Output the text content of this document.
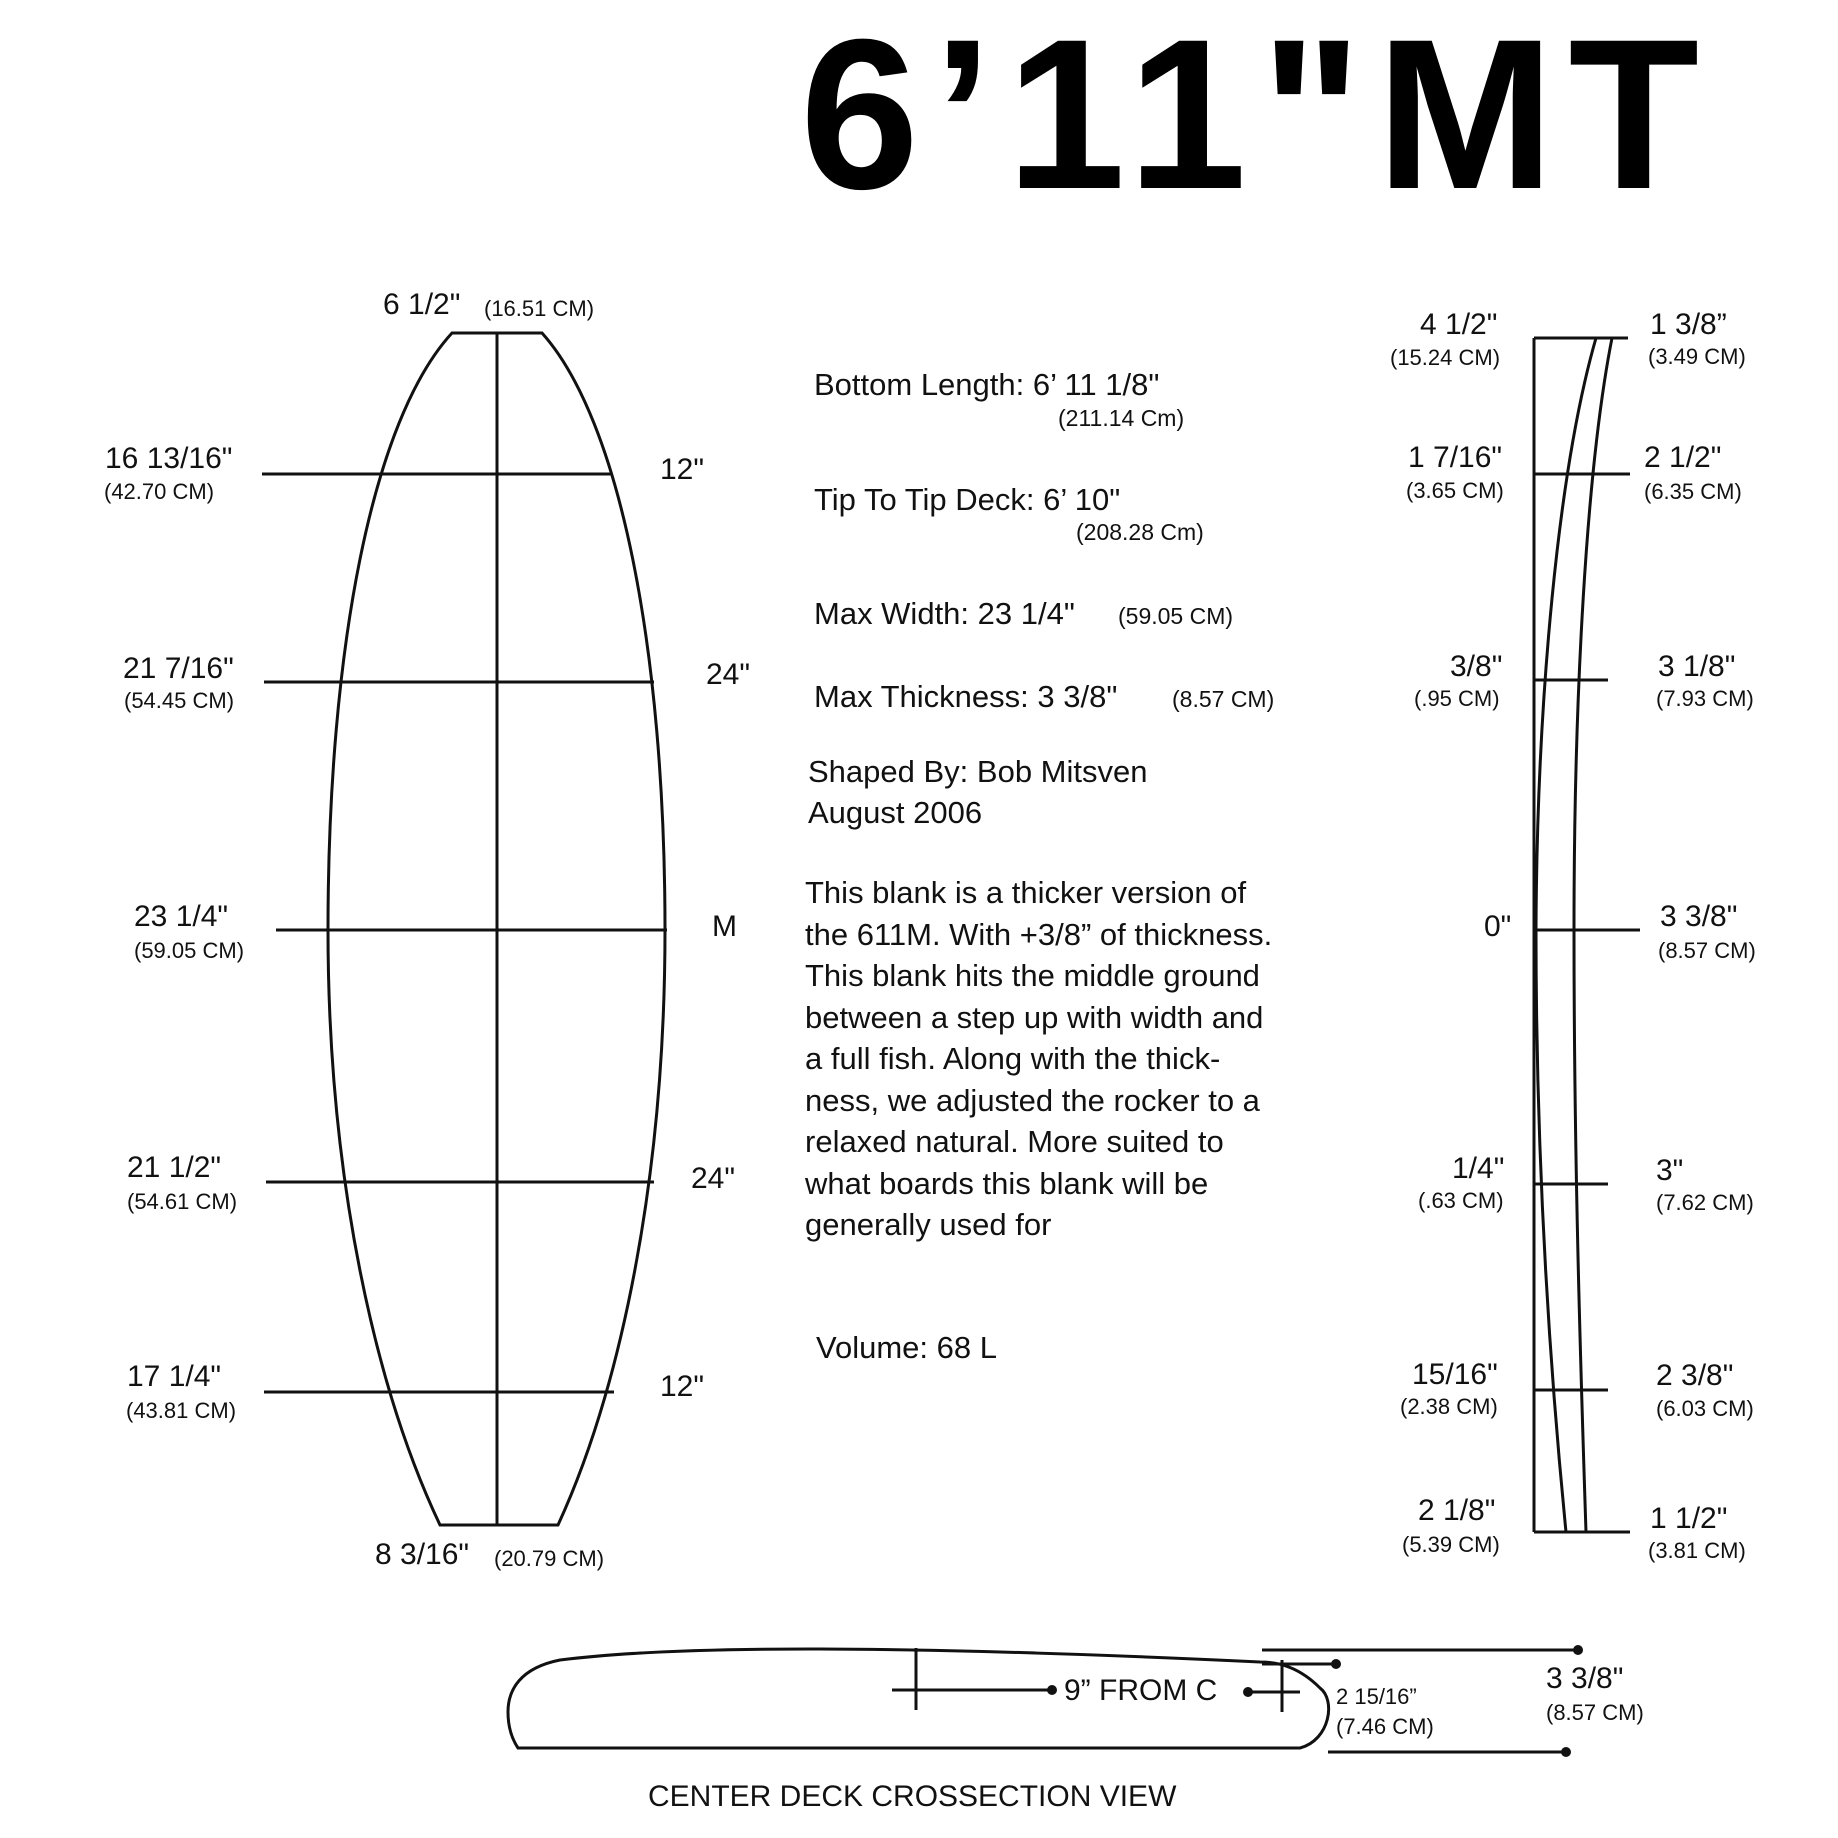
6’11"MT
6 1/2" (16.51 CM)
16 13/16"
(42.70 CM)
12"
21 7/16"
(54.45 CM)
24"
23 1/4"
(59.05 CM)
M
21 1/2"
(54.61 CM)
24"
17 1/4"
(43.81 CM)
12"
8 3/16" (20.79 CM)
Bottom Length: 6’ 11 1/8"
(211.14 Cm)
Tip To Tip Deck: 6’ 10"
(208.28 Cm)
Max Width: 23 1/4" (59.05 CM)
Max Thickness: 3 3/8" (8.57 CM)
Shaped By: Bob Mitsven
August 2006
This blank is a thicker version of
the 611M. With +3/8” of thickness.
This blank hits the middle ground
between a step up with width and
a full fish. Along with the thick-
ness, we adjusted the rocker to a
relaxed natural. More suited to
what boards this blank will be
generally used for
Volume: 68 L
4 1/2"
(15.24 CM)
1 7/16"
(3.65 CM)
3/8"
(.95 CM)
0"
1/4"
(.63 CM)
15/16"
(2.38 CM)
2 1/8"
(5.39 CM)
1 3/8”
(3.49 CM)
2 1/2"
(6.35 CM)
3 1/8"
(7.93 CM)
3 3/8"
(8.57 CM)
3"
(7.62 CM)
2 3/8"
(6.03 CM)
1 1/2"
(3.81 CM)
9” FROM C	2 15/16”
(7.46 CM)
3 3/8"
(8.57 CM)
CENTER DECK CROSSECTION VIEW
